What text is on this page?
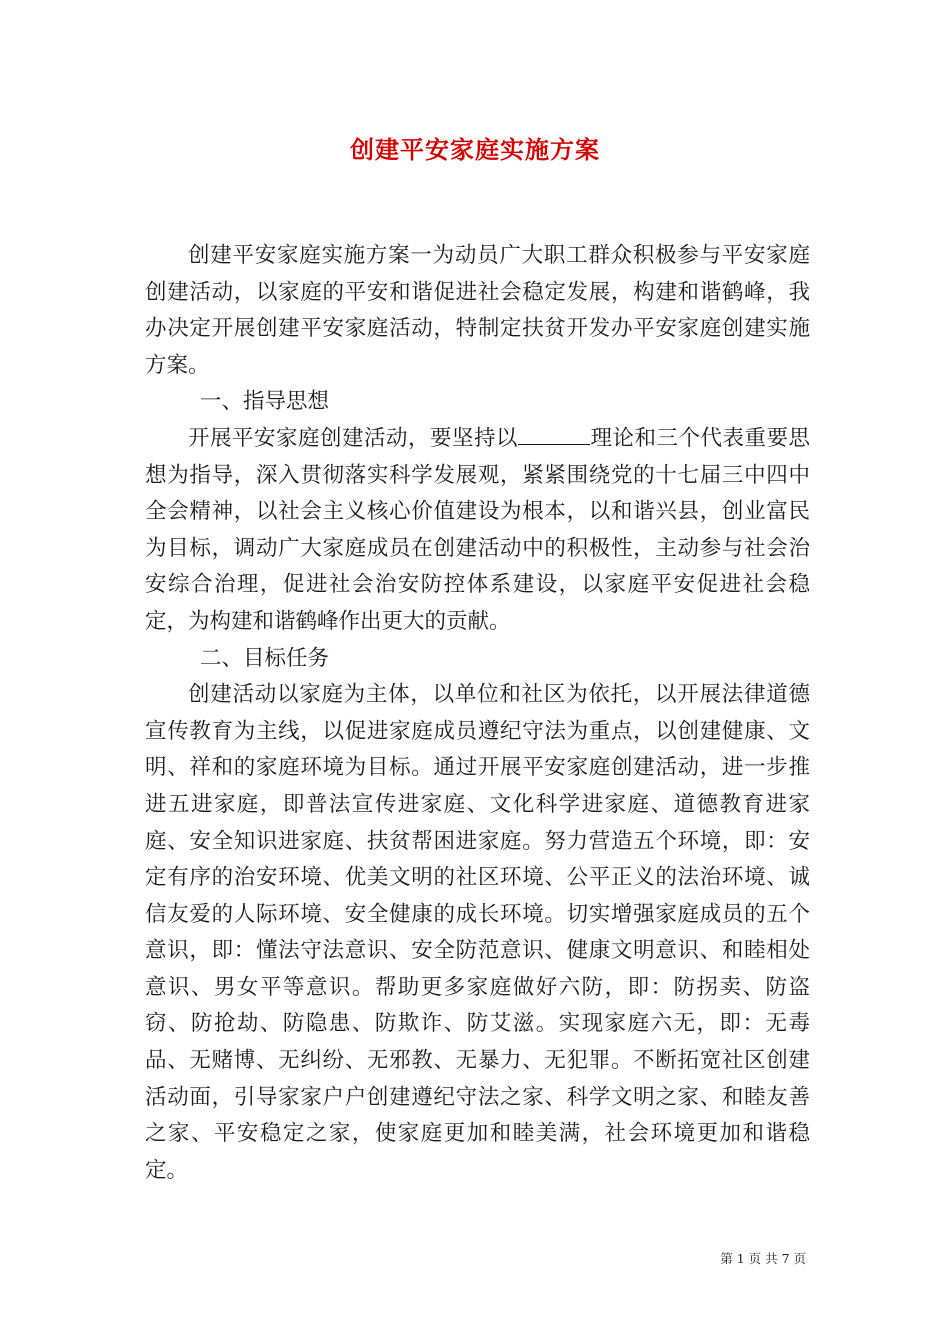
创建平安家庭实施方案

创建平安家庭实施方案一为动员广大职工群众积极参与平安家庭创建活动，以家庭的平安和谐促进社会稳定发展，构建和谐鹤峰，我办决定开展创建平安家庭活动，特制定扶贫开发办平安家庭创建实施方案。

一、指导思想

开展平安家庭创建活动，要坚持以	理论和三个代表重要思想为指导，深入贯彻落实科学发展观，紧紧围绕党的十七届三中四中全会精神，以社会主义核心价值建设为根本，以和谐兴县，创业富民为目标，调动广大家庭成员在创建活动中的积极性，主动参与社会治安综合治理，促进社会治安防控体系建设，以家庭平安促进社会稳定，为构建和谐鹤峰作出更大的贡献。

二、目标任务

创建活动以家庭为主体，以单位和社区为依托，以开展法律道德宣传教育为主线，以促进家庭成员遵纪守法为重点，以创建健康、文明、祥和的家庭环境为目标。通过开展平安家庭创建活动，进一步推进五进家庭，即普法宣传进家庭、文化科学进家庭、道德教育进家庭、安全知识进家庭、扶贫帮困进家庭。努力营造五个环境，即：安定有序的治安环境、优美文明的社区环境、公平正义的法治环境、诚信友爱的人际环境、安全健康的成长环境。切实增强家庭成员的五个意识，即：懂法守法意识、安全防范意识、健康文明意识、和睦相处意识、男女平等意识。帮助更多家庭做好六防，即：防拐卖、防盗窃、防抢劫、防隐患、防欺诈、防艾滋。实现家庭六无，即：无毒品、无赌博、无纠纷、无邪教、无暴力、无犯罪。不断拓宽社区创建活动面，引导家家户户创建遵纪守法之家、科学文明之家、和睦友善之家、平安稳定之家，使家庭更加和睦美满，社会环境更加和谐稳定。

第 1 页 共 7 页
